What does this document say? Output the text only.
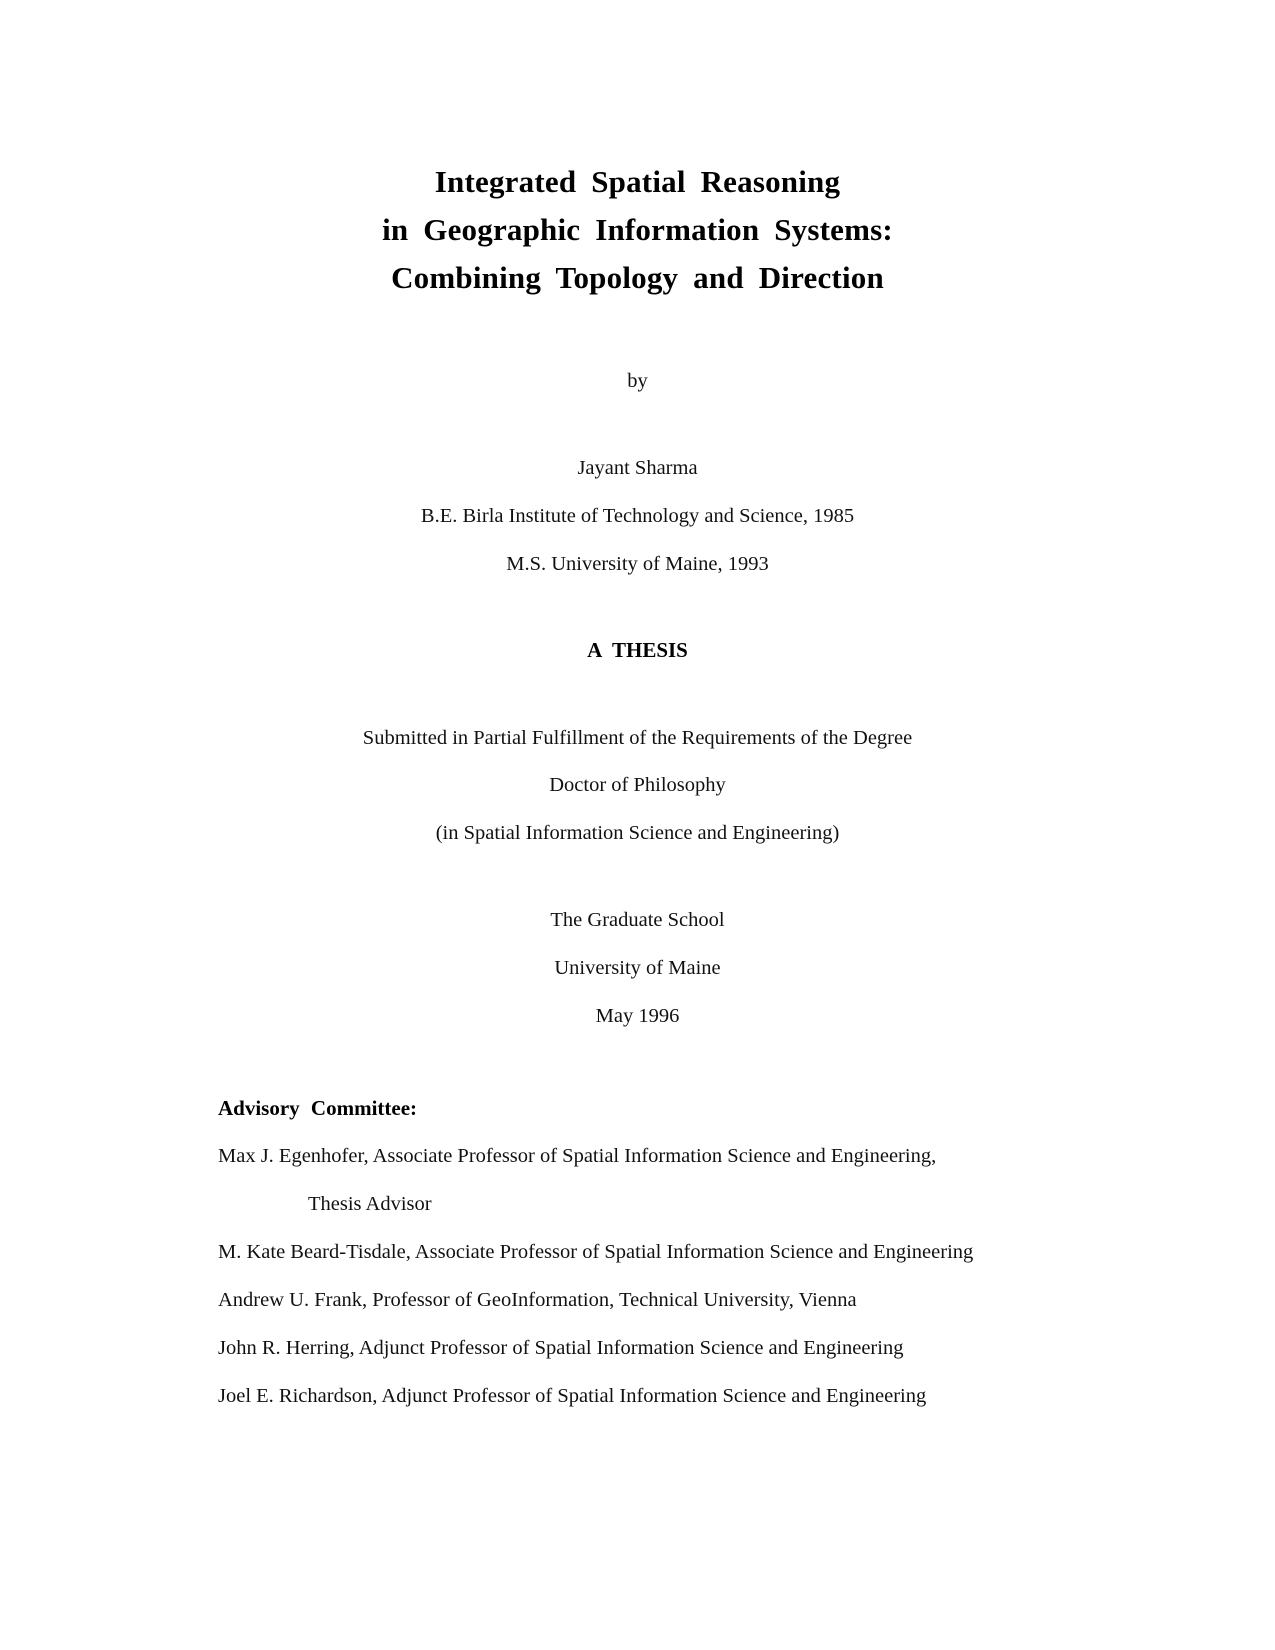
Integrated Spatial Reasoning
in Geographic Information Systems:
Combining Topology and Direction
by
Jayant Sharma
B.E. Birla Institute of Technology and Science, 1985
M.S. University of Maine, 1993
A THESIS
Submitted in Partial Fulfillment of the Requirements of the Degree
Doctor of Philosophy
(in Spatial Information Science and Engineering)
The Graduate School
University of Maine
May 1996
Advisory Committee:
Max J. Egenhofer, Associate Professor of Spatial Information Science and Engineering,
Thesis Advisor
M. Kate Beard-Tisdale, Associate Professor of Spatial Information Science and Engineering
Andrew U. Frank, Professor of GeoInformation, Technical University, Vienna
John R. Herring, Adjunct Professor of Spatial Information Science and Engineering
Joel E. Richardson, Adjunct Professor of Spatial Information Science and Engineering
